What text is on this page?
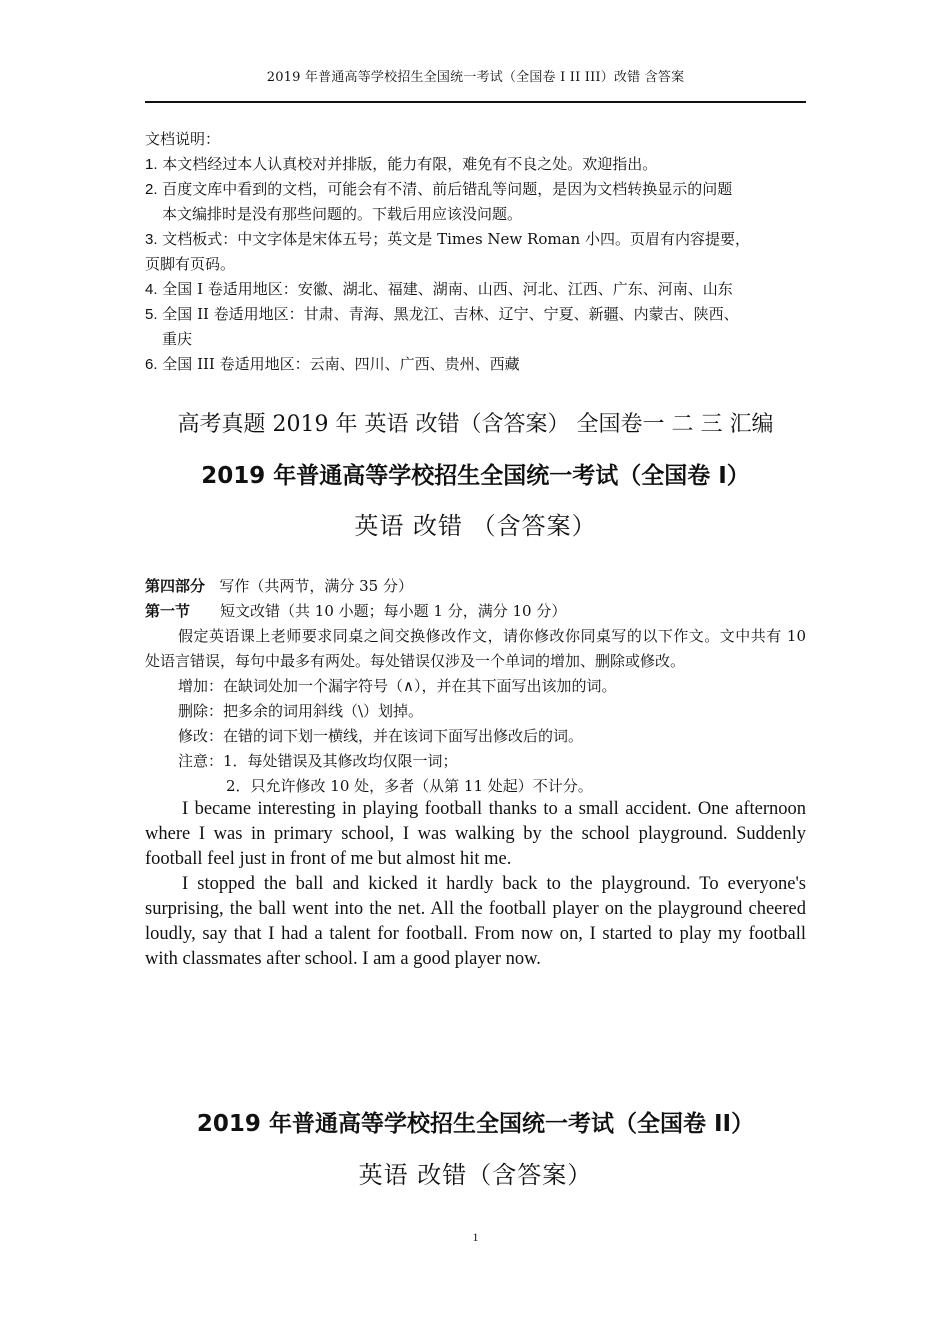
2019 年普通高等学校招生全国统一考试（全国卷 I II III）改错 含答案
文档说明：
1. 本文档经过本人认真校对并排版，能力有限，难免有不良之处。欢迎指出。
2. 百度文库中看到的文档，可能会有不清、前后错乱等问题，是因为文档转换显示的问题
本文编排时是没有那些问题的。下载后用应该没问题。
3. 文档板式：中文字体是宋体五号；英文是 Times New Roman 小四。页眉有内容提要，
页脚有页码。
4. 全国 I 卷适用地区：安徽、湖北、福建、湖南、山西、河北、江西、广东、河南、山东
5. 全国 II 卷适用地区：甘肃、青海、黑龙江、吉林、辽宁、宁夏、新疆、内蒙古、陕西、
重庆
6. 全国 III 卷适用地区：云南、四川、广西、贵州、西藏
高考真题 2019 年 英语 改错（含答案） 全国卷一 二 三 汇编
2019 年普通高等学校招生全国统一考试（全国卷 I）
英语 改错 （含答案）
第四部分 写作（共两节，满分 35 分）
第一节 短文改错（共 10 小题；每小题 1 分，满分 10 分）
假定英语课上老师要求同桌之间交换修改作文，请你修改你同桌写的以下作文。文中共有 10 处语言错误，每句中最多有两处。每处错误仅涉及一个单词的增加、删除或修改。
增加：在缺词处加一个漏字符号（∧），并在其下面写出该加的词。
删除：把多余的词用斜线（\）划掉。
修改：在错的词下划一横线，并在该词下面写出修改后的词。
注意：1．每处错误及其修改均仅限一词；
2．只允许修改 10 处，多者（从第 11 处起）不计分。

I became interesting in playing football thanks to a small accident. One afternoon where I was in primary school, I was walking by the school playground. Suddenly football feel just in front of me but almost hit me.

I stopped the ball and kicked it hardly back to the playground. To everyone's surprising, the ball went into the net. All the football player on the playground cheered loudly, say that I had a talent for football. From now on, I started to play my football with classmates after school. I am a good player now.

2019 年普通高等学校招生全国统一考试（全国卷 II）
英语 改错（含答案）
1
